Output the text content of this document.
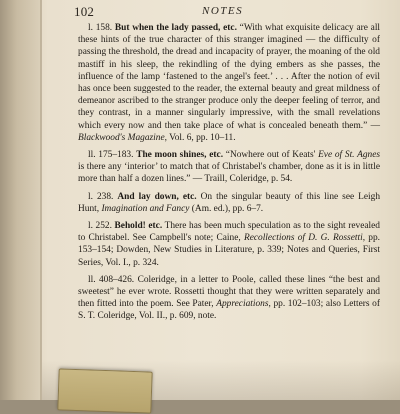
102	NOTES

l. 158. But when the lady passed, etc. “With what exquisite delicacy are all these hints of the true character of this stranger imagined — the difficulty of passing the threshold, the dread and incapacity of prayer, the moaning of the old mastiff in his sleep, the rekindling of the dying embers as she passes, the influence of the lamp ‘fastened to the angel's feet.’ . . . After the notion of evil has once been suggested to the reader, the external beauty and great mildness of demeanor ascribed to the stranger produce only the deeper feeling of terror, and they contrast, in a manner singularly impressive, with the small revelations which every now and then take place of what is concealed beneath them.” — Blackwood's Magazine, Vol. 6, pp. 10–11.

ll. 175–183. The moon shines, etc. “Nowhere out of Keats' Eve of St. Agnes is there any ‘interior’ to match that of Christabel's chamber, done as it is in little more than half a dozen lines.” — Traill, Coleridge, p. 54.

l. 238. And lay down, etc. On the singular beauty of this line see Leigh Hunt, Imagination and Fancy (Am. ed.), pp. 6–7.

l. 252. Behold! etc. There has been much speculation as to the sight revealed to Christabel. See Campbell's note; Caine, Recollections of D. G. Rossetti, pp. 153–154; Dowden, New Studies in Literature, p. 339; Notes and Queries, First Series, Vol. I., p. 324.

ll. 408–426. Coleridge, in a letter to Poole, called these lines “the best and sweetest” he ever wrote. Rossetti thought that they were written separately and then fitted into the poem. See Pater, Appreciations, pp. 102–103; also Letters of S. T. Coleridge, Vol. II., p. 609, note.
